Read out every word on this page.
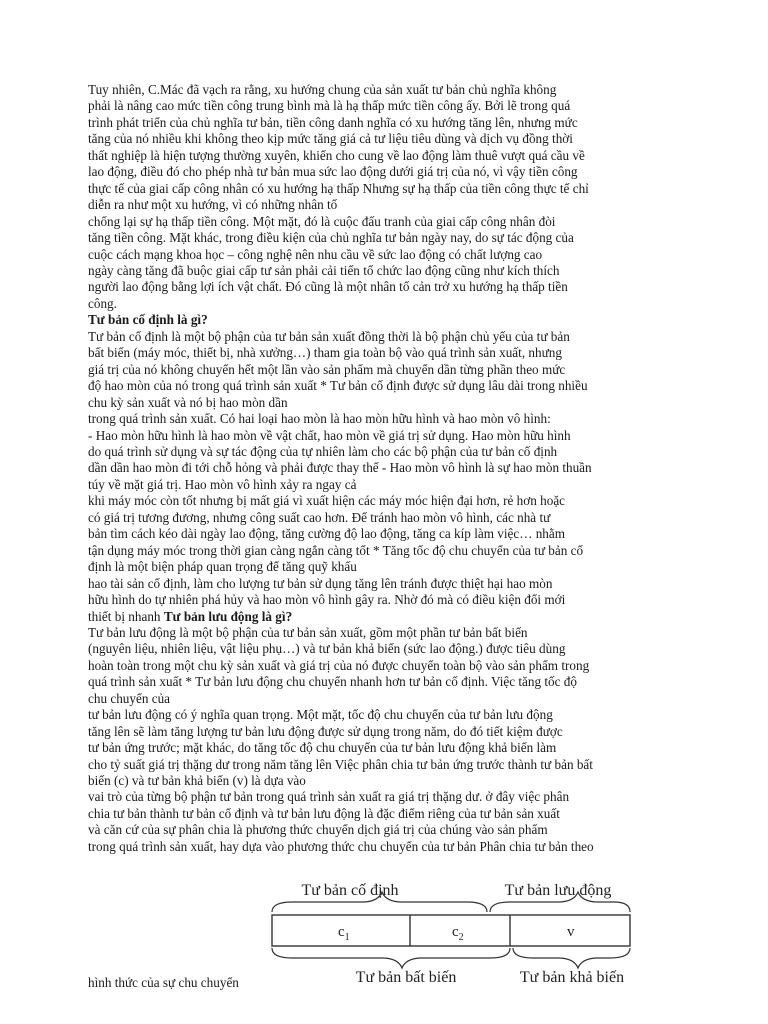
Tuy nhiên, C.Mác đã vạch ra rằng, xu hướng chung của sản xuất tư bản chủ nghĩa không
phải là nâng cao mức tiền công trung bình mà là hạ thấp mức tiền công ấy. Bởi lẽ trong quá
trình phát triển của chủ nghĩa tư bản, tiền công danh nghĩa có xu hướng tăng lên, nhưng mức
tăng của nó nhiều khi không theo kịp mức tăng giá cả tư liệu tiêu dùng và dịch vụ đồng thời
thất nghiệp là hiện tượng thường xuyên, khiến cho cung về lao động làm thuê vượt quá cầu về
lao động, điều đó cho phép nhà tư bản mua sức lao động dưới giá trị của nó, vì vậy tiền công
thực tế của giai cấp công nhân có xu hướng hạ thấp Nhưng sự hạ thấp của tiền công thực tế chỉ
diễn ra như một xu hướng, vì có những nhân tố
chống lại sự hạ thấp tiền công. Một mặt, đó là cuộc đấu tranh của giai cấp công nhân đòi
tăng tiền công. Mặt khác, trong điều kiện của chủ nghĩa tư bản ngày nay, do sự tác động của
cuộc cách mạng khoa học – công nghệ nên nhu cầu về sức lao động có chất lượng cao
ngày càng tăng đã buộc giai cấp tư sản phải cải tiến tổ chức lao động cũng như kích thích
người lao động bằng lợi ích vật chất. Đó cũng là một nhân tố cản trở xu hướng hạ thấp tiền
công.
Tư bản cố định là gì?
Tư bản cố định là một bộ phận của tư bản sản xuất đồng thời là bộ phận chủ yếu của tư bản
bất biến (máy móc, thiết bị, nhà xưởng…) tham gia toàn bộ vào quá trình sản xuất, nhưng
giá trị của nó không chuyển hết một lần vào sản phẩm mà chuyển dần từng phần theo mức
độ hao mòn của nó trong quá trình sản xuất * Tư bản cố định được sử dụng lâu dài trong nhiều
chu kỳ sản xuất và nó bị hao mòn dần
trong quá trình sản xuất. Có hai loại hao mòn là hao mòn hữu hình và hao mòn vô hình:
- Hao mòn hữu hình là hao mòn về vật chất, hao mòn về giá trị sử dụng. Hao mòn hữu hình
do quá trình sử dụng và sự tác động của tự nhiên làm cho các bộ phận của tư bản cố định
dần dần hao mòn đi tới chỗ hỏng và phải được thay thế - Hao mòn vô hình là sự hao mòn thuần
túy về mặt giá trị. Hao mòn vô hình xảy ra ngay cả
khi máy móc còn tốt nhưng bị mất giá vì xuất hiện các máy móc hiện đại hơn, rẻ hơn hoặc
có giá trị tương đương, nhưng công suất cao hơn. Để tránh hao mòn vô hình, các nhà tư
bản tìm cách kéo dài ngày lao động, tăng cường độ lao động, tăng ca kíp làm việc… nhằm
tận dụng máy móc trong thời gian càng ngắn càng tốt * Tăng tốc độ chu chuyển của tư bản cố
định là một biện pháp quan trọng để tăng quỹ khấu
hao tài sản cố định, làm cho lượng tư bản sử dụng tăng lên tránh được thiệt hại hao mòn
hữu hình do tự nhiên phá hủy và hao mòn vô hình gây ra. Nhờ đó mà có điều kiện đổi mới
thiết bị nhanh Tư bản lưu động là gì?
Tư bản lưu động là một bộ phận của tư bản sản xuất, gồm một phần tư bản bất biến
(nguyên liệu, nhiên liệu, vật liệu phụ…) và tư bản khả biến (sức lao động.) được tiêu dùng
hoàn toàn trong một chu kỳ sản xuất và giá trị của nó được chuyển toàn bộ vào sản phẩm trong
quá trình sản xuất * Tư bản lưu động chu chuyển nhanh hơn tư bản cố định. Việc tăng tốc độ
chu chuyển của
tư bản lưu động có ý nghĩa quan trọng. Một mặt, tốc độ chu chuyển của tư bản lưu động
tăng lên sẽ làm tăng lượng tư bản lưu động được sử dụng trong năm, do đó tiết kiệm được
tư bản ứng trước; mặt khác, do tăng tốc độ chu chuyển của tư bản lưu động khả biến làm
cho tỷ suất giá trị thặng dư trong năm tăng lên Việc phân chia tư bản ứng trước thành tư bản bất
biến (c) và tư bản khả biến (v) là dựa vào
vai trò của từng bộ phận tư bản trong quá trình sản xuất ra giá trị thặng dư. ở đây việc phân
chia tư bản thành tư bản cố định và tư bản lưu động là đặc điểm riêng của tư bản sản xuất
và căn cứ của sự phân chia là phương thức chuyển dịch giá trị của chúng vào sản phẩm
trong quá trình sản xuất, hay dựa vào phương thức chu chuyển của tư bản Phân chia tư bản theo
Tư bản cố định	Tư bản lưu động
$c_1$	$c_2$	v
Tư bản bất biến	Tư bản khả biến
hình thức của sự chu chuyển
